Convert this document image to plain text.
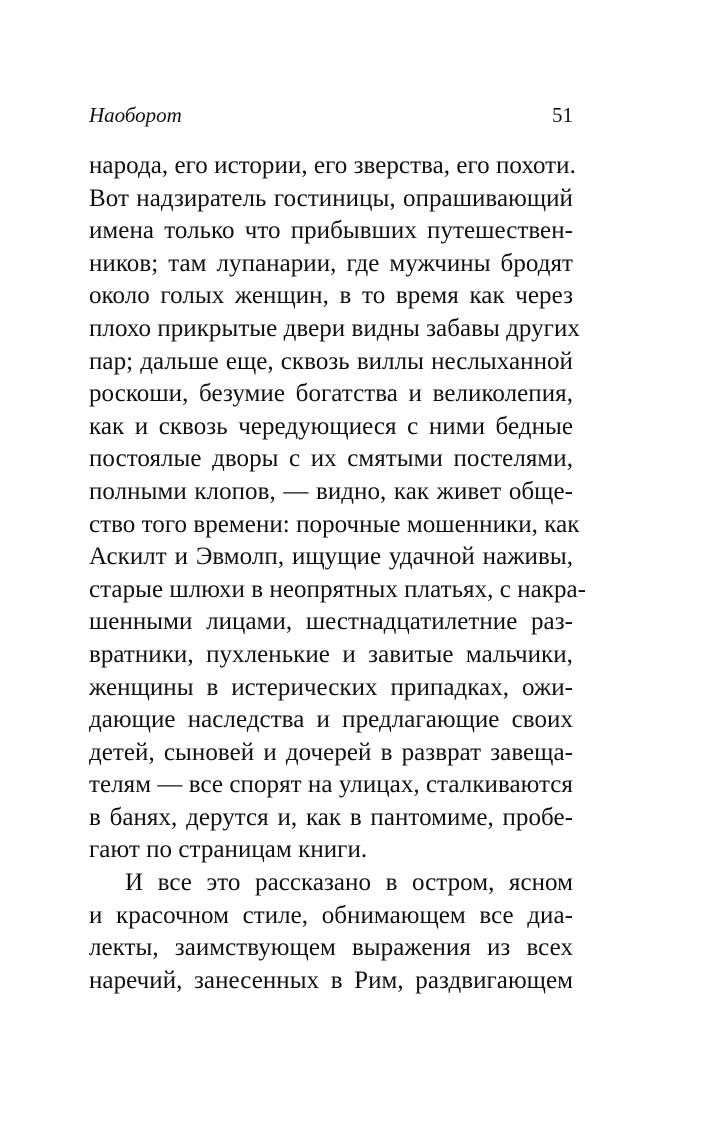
Наоборот	51
народа, его истории, его зверства, его похоти.
Вот надзиратель гостиницы, опрашивающий
имена только что прибывших путешествен-
ников; там лупанарии, где мужчины бродят
около голых женщин, в то время как через
плохо прикрытые двери видны забавы других
пар; дальше еще, сквозь виллы неслыханной
роскоши, безумие богатства и великолепия,
как и сквозь чередующиеся с ними бедные
постоялые дворы с их смятыми постелями,
полными клопов, — видно, как живет обще-
ство того времени: порочные мошенники, как
Аскилт и Эвмолп, ищущие удачной наживы,
старые шлюхи в неопрятных платьях, с накра-
шенными лицами, шестнадцатилетние раз-
вратники, пухленькие и завитые мальчики,
женщины в истерических припадках, ожи-
дающие наследства и предлагающие своих
детей, сыновей и дочерей в разврат завеща-
телям — все спорят на улицах, сталкиваются
в банях, дерутся и, как в пантомиме, пробе-
гают по страницам книги.
И все это рассказано в остром, ясном
и красочном стиле, обнимающем все диа-
лекты, заимствующем выражения из всех
наречий, занесенных в Рим, раздвигающем
